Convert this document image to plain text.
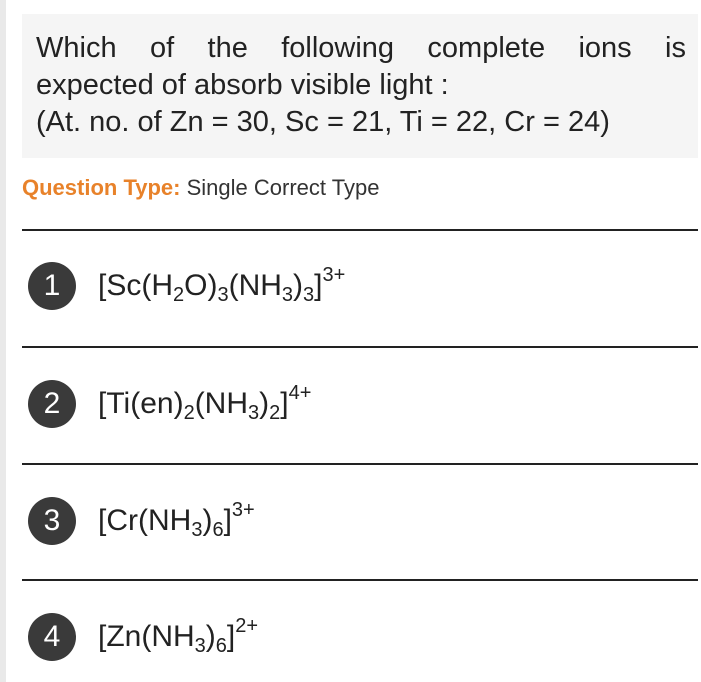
Which of the following complete ions is
expected of absorb visible light :
(At. no. of Zn = 30, Sc = 21, Ti = 22, Cr = 24)

Question Type: Single Correct Type
1	$[Sc(H_2O)_3(NH_3)_3]^{3+}$
2	$[Ti(en)_2(NH_3)_2]^{4+}$
3	$[Cr(NH_3)_6]^{3+}$
4	$[Zn(NH_3)_6]^{2+}$
